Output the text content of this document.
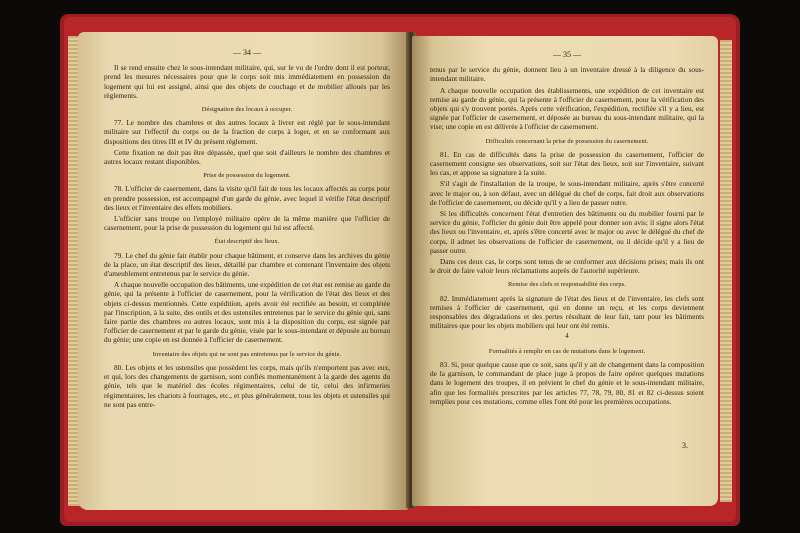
— 34 —

Il se rend ensuite chez le sous-intendant militaire, qui, sur le vu de l'ordre dont il est porteur, prend les mesures nécessaires pour que le corps soit mis immédiatement en possession du logement qui lui est assigné, ainsi que des objets de couchage et de mobilier alloués par les règlements.

Désignation des locaux à occuper.

77. Le nombre des chambres et des autres locaux à livrer est réglé par le sous-intendant militaire sur l'effectif du corps ou de la fraction de corps à loger, et en se conformant aux dispositions des titres III et IV du présent règlement.

Cette fixation ne doit pas être dépassée, quel que soit d'ailleurs le nombre des chambres et autres locaux restant disponibles.

Prise de possession du logement.

78. L'officier de casernement, dans la visite qu'il fait de tous les locaux affectés au corps pour en prendre possession, est accompagné d'un garde du génie, avec lequel il vérifie l'état descriptif des lieux et l'inventaire des effets mobiliers.

L'officier sans troupe ou l'employé militaire opère de la même manière que l'officier de casernement, pour la prise de possession du logement qui lui est affecté.

État descriptif des lieux.

79. Le chef du génie fait établir pour chaque bâtiment, et conserve dans les archives du génie de la place, un état descriptif des lieux, détaillé par chambre et contenant l'inventaire des objets d'ameublement entretenus par le service du génie.

A chaque nouvelle occupation des bâtiments, une expédition de cet état est remise au garde du génie, qui la présente à l'officier de casernement, pour la vérification de l'état des lieux et des objets ci-dessus mentionnés. Cette expédition, après avoir été rectifiée au besoin, et complétée par l'inscription, à la suite, des outils et des ustensiles entretenus par le service du génie qui, sans faire partie des chambres ou autres locaux, sont mis à la disposition du corps, est signée par l'officier de casernement et par le garde du génie, visée par le sous-intendant et déposée au bureau du génie; une copie en est donnée à l'officier de casernement.

Inventaire des objets qui ne sont pas entretenus par le service du génie.

80. Les objets et les ustensiles que possèdent les corps, mais qu'ils n'emportent pas avec eux, et qui, lors des changements de garnison, sont confiés momentanément à la garde des agents du génie, tels que le matériel des écoles régimentaires, celui de tir, celui des infirmeries régimentaires, les chariots à fourrages, etc., et plus généralement, tous les objets et ustensiles qui ne sont pas entre-

— 35 —

tenus par le service du génie, donnent lieu à un inventaire dressé à la diligence du sous-intendant militaire.

A chaque nouvelle occupation des établissements, une expédition de cet inventaire est remise au garde du génie, qui la présente à l'officier de casernement, pour la vérification des objets qui s'y trouvent portés. Après cette vérification, l'expédition, rectifiée s'il y a lieu, est signée par l'officier de casernement, et déposée au bureau du sous-intendant militaire, qui la vise; une copie en est délivrée à l'officier de casernement.

Difficultés concernant la prise de possession du casernement.

81. En cas de difficultés dans la prise de possession du casernement, l'officier de casernement consigne ses observations, soit sur l'état des lieux, soit sur l'inventaire, suivant les cas, et appose sa signature à la suite.

S'il s'agit de l'installation de la troupe, le sous-intendant militaire, après s'être concerté avec le major ou, à son défaut, avec un délégué du chef de corps, fait droit aux observations de l'officier de casernement, ou décide qu'il y a lieu de passer outre.

Si les difficultés concernent l'état d'entretien des bâtiments ou du mobilier fourni par le service du génie, l'officier du génie doit être appelé pour donner son avis; il signe alors l'état des lieux ou l'inventaire, et, après s'être concerté avec le major ou avec le délégué du chef de corps, il admet les observations de l'officier de casernement, ou il décide qu'il y a lieu de passer outre.

Dans ces deux cas, le corps sont tenus de se conformer aux décisions prises; mais ils ont le droit de faire valoir leurs réclamations auprès de l'autorité supérieure.

Remise des clefs et responsabilité des corps.

82. Immédiatement après la signature de l'état des lieux et de l'inventaire, les clefs sont remises à l'officier de casernement, qui en donne un reçu, et les corps deviennent responsables des dégradations et des pertes résultant de leur fait, tant pour les bâtiments militaires que pour les objets mobiliers qui leur ont été remis.

4
Formalités à remplir en cas de mutations dans le logement.

83. Si, pour quelque cause que ce soit, sans qu'il y ait de changement dans la composition de la garnison, le commandant de place juge à propos de faire opérer quelques mutations dans le logement des troupes, il en prévient le chef du génie et le sous-intendant militaire, afin que les formalités prescrites par les articles 77, 78, 79, 80, 81 et 82 ci-dessus soient remplies pour ces mutations, comme elles l'ont été pour les premières occupations.

3.
